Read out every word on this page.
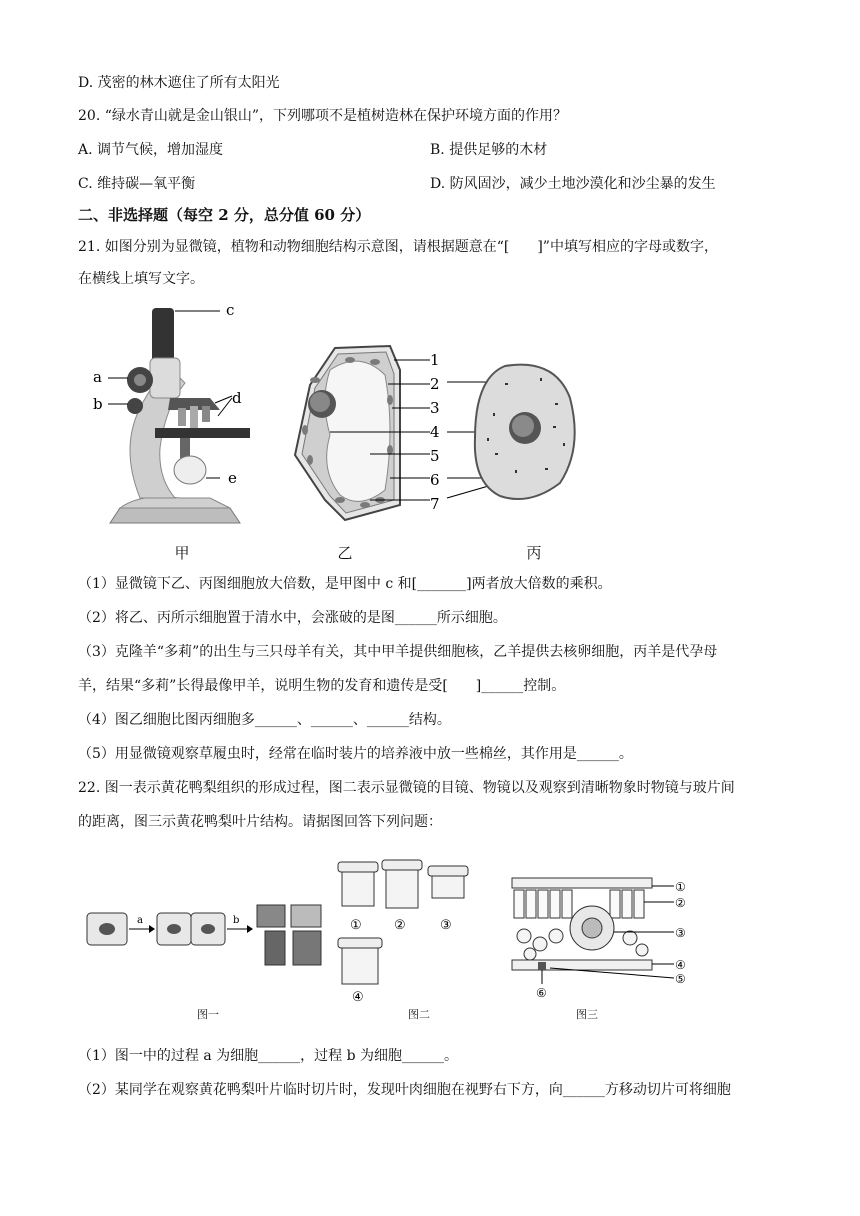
D. 茂密的林木遮住了所有太阳光
20. “绿水青山就是金山银山”，下列哪项不是植树造林在保护环境方面的作用？
A. 调节气候，增加湿度	B. 提供足够的木材
C. 维持碳—氧平衡	D. 防风固沙，减少土地沙漠化和沙尘暴的发生
二、非选择题（每空 2 分，总分值 60 分）
21. 如图分别为显微镜，植物和动物细胞结构示意图，请根据题意在“[　　]”中填写相应的字母或数字，
在横线上填写文字。
c
a
b	d
e
甲
1
2
3
4
5
6
7
乙	丙
（1）显微镜下乙、丙图细胞放大倍数，是甲图中 c 和[_______]两者放大倍数的乘积。
（2）将乙、丙所示细胞置于清水中，会涨破的是图______所示细胞。
（3）克隆羊“多莉”的出生与三只母羊有关，其中甲羊提供细胞核，乙羊提供去核卵细胞，丙羊是代孕母
羊，结果“多莉”长得最像甲羊，说明生物的发育和遗传是受[　　]______控制。
（4）图乙细胞比图丙细胞多______、______、______结构。
（5）用显微镜观察草履虫时，经常在临时装片的培养液中放一些棉丝，其作用是______。
22. 图一表示黄花鸭梨组织的形成过程，图二表示显微镜的目镜、物镜以及观察到清晰物象时物镜与玻片间
的距离，图三示黄花鸭梨叶片结构。请据图回答下列问题：
a	b
图一
① ②	③
④
图二
①
②
③
④
⑤
⑥
图三
（1）图一中的过程 a 为细胞______，过程 b 为细胞______。
（2）某同学在观察黄花鸭梨叶片临时切片时，发现叶肉细胞在视野右下方，向______方移动切片可将细胞
